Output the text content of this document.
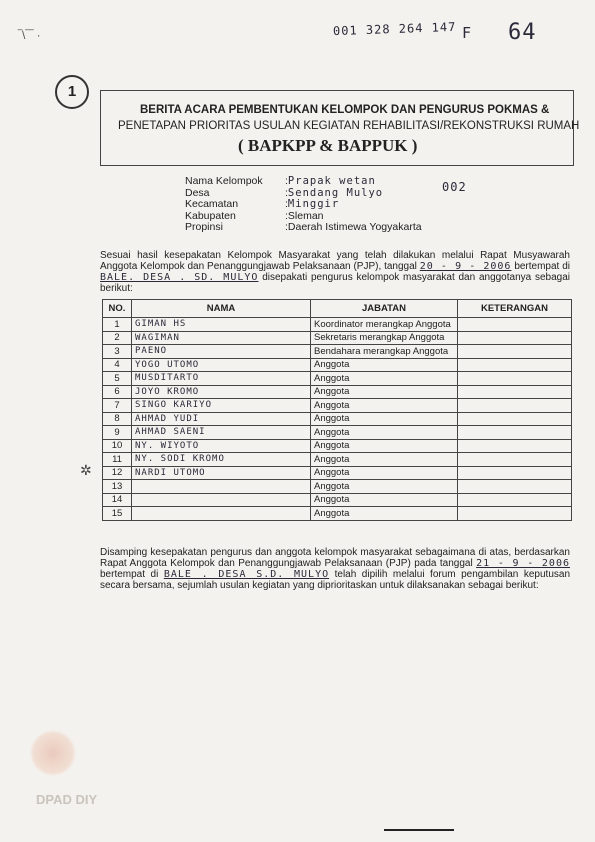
‾\‾‾ ·	001 328 264 147 F 64
1
BERITA ACARA PEMBENTUKAN KELOMPOK DAN PENGURUS POKMAS &
PENETAPAN PRIORITAS USULAN KEGIATAN REHABILITASI/REKONSTRUKSI RUMAH
( BAPKPP & BAPPUK )
Nama Kelompok	: Prapak wetan
Desa	: Sendang Mulyo
Kecamatan	: Minggir
Kabupaten	: Sleman
Propinsi	: Daerah Istimewa Yogyakarta
002
Sesuai hasil kesepakatan Kelompok Masyarakat yang telah dilakukan melalui Rapat Musyawarah Anggota Kelompok dan Penanggungjawab Pelaksanaan (PJP), tanggal 20 - 9 - 2006 bertempat di BALE. DESA . SD. MULYO disepakati pengurus kelompok masyarakat dan anggotanya sebagai berikut:
NO.	NAMA	JABATAN	KETERANGAN
1	GIMAN HS	Koordinator merangkap Anggota	
2	WAGIMAN	Sekretaris merangkap Anggota	
3	PAENO	Bendahara merangkap Anggota	
4	YOGO UTOMO	Anggota	
5	MUSDITARTO	Anggota	
6	JOYO KROMO	Anggota	
7	SINGO KARIYO	Anggota	
8	AHMAD YUDI	Anggota	
9	AHMAD SAENI	Anggota	
10	NY. WIYOTO	Anggota	
11	NY. SODI KROMO	Anggota	
12	NARDI UTOMO	Anggota	
13		Anggota	
14		Anggota	
15		Anggota	
Disamping kesepakatan pengurus dan anggota kelompok masyarakat sebagaimana di atas, berdasarkan Rapat Anggota Kelompok dan Penanggungjawab Pelaksanaan (PJP) pada tanggal 21 - 9 - 2006 bertempat di BALE . DESA S.D. MULYO telah dipilih melalui forum pengambilan keputusan secara bersama, sejumlah usulan kegiatan yang diprioritaskan untuk dilaksanakan sebagai berikut:
✲
DPAD DIY
